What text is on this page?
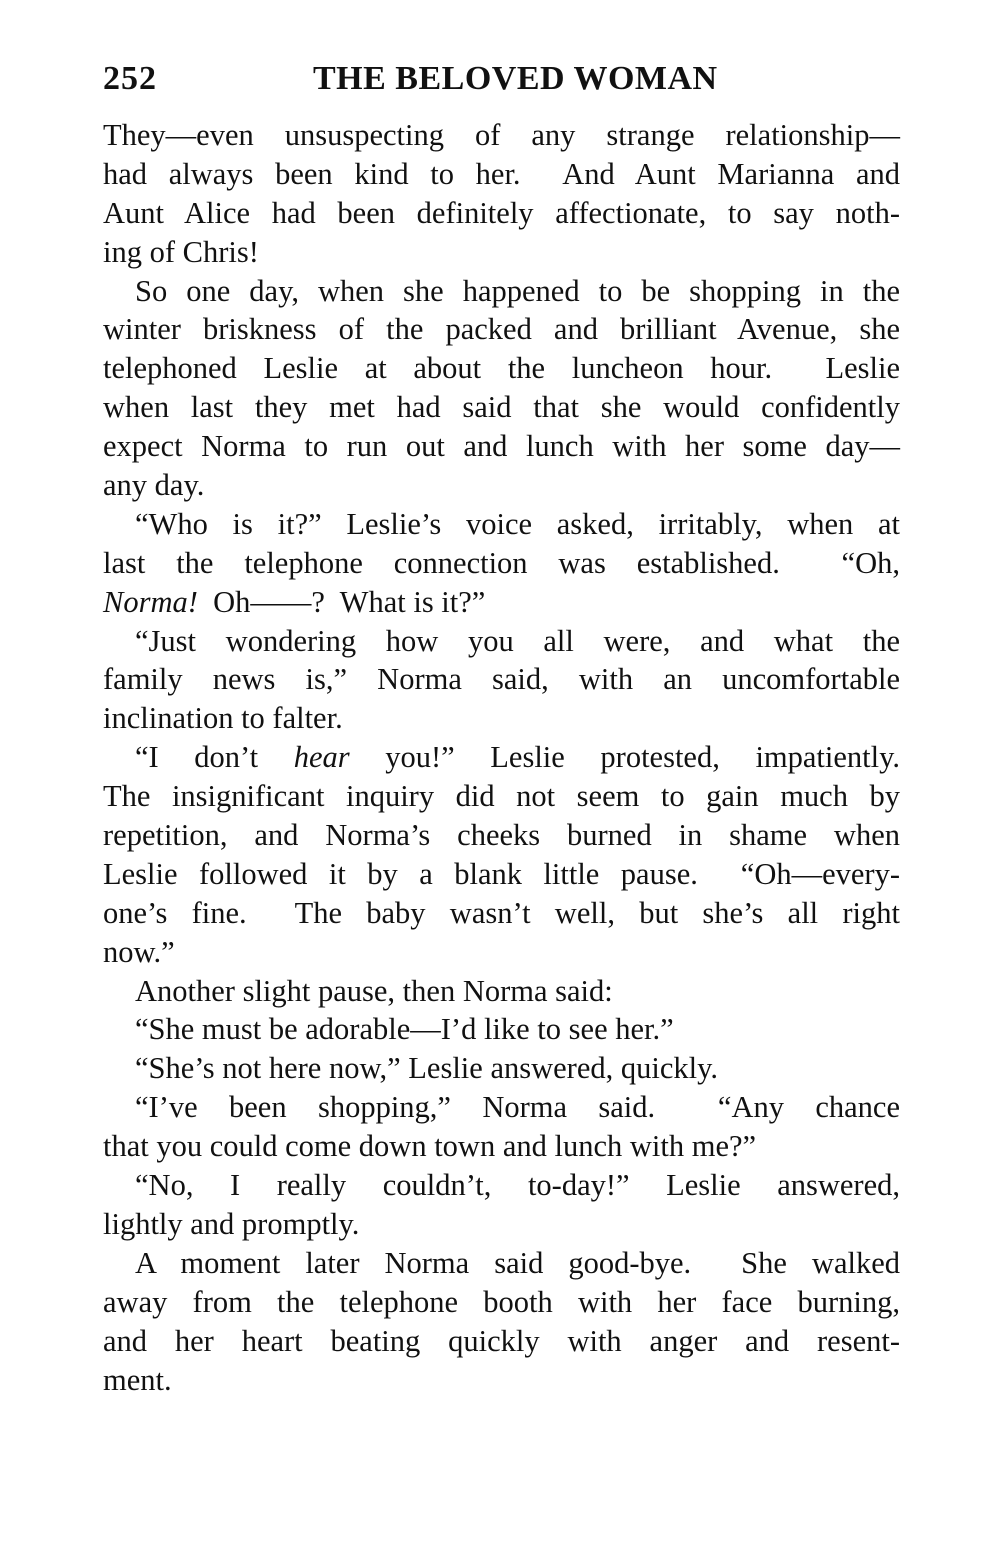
252	THE BELOVED WOMAN
They—even unsuspecting of any strange relationship—
had always been kind to her.  And Aunt Marianna and
Aunt Alice had been definitely affectionate, to say noth-
ing of Chris!
So one day, when she happened to be shopping in the
winter briskness of the packed and brilliant Avenue, she
telephoned Leslie at about the luncheon hour.  Leslie
when last they met had said that she would confidently
expect Norma to run out and lunch with her some day—
any day.
“Who is it?” Leslie’s voice asked, irritably, when at
last the telephone connection was established.  “Oh,
Norma!  Oh——?  What is it?”
“Just wondering how you all were, and what the
family news is,” Norma said, with an uncomfortable
inclination to falter.
“I don’t hear you!” Leslie protested, impatiently.
The insignificant inquiry did not seem to gain much by
repetition, and Norma’s cheeks burned in shame when
Leslie followed it by a blank little pause.  “Oh—every-
one’s fine.  The baby wasn’t well, but she’s all right
now.”
Another slight pause, then Norma said:
“She must be adorable—I’d like to see her.”
“She’s not here now,” Leslie answered, quickly.
“I’ve been shopping,” Norma said.  “Any chance
that you could come down town and lunch with me?”
“No, I really couldn’t, to-day!” Leslie answered,
lightly and promptly.
A moment later Norma said good-bye.  She walked
away from the telephone booth with her face burning,
and her heart beating quickly with anger and resent-
ment.
